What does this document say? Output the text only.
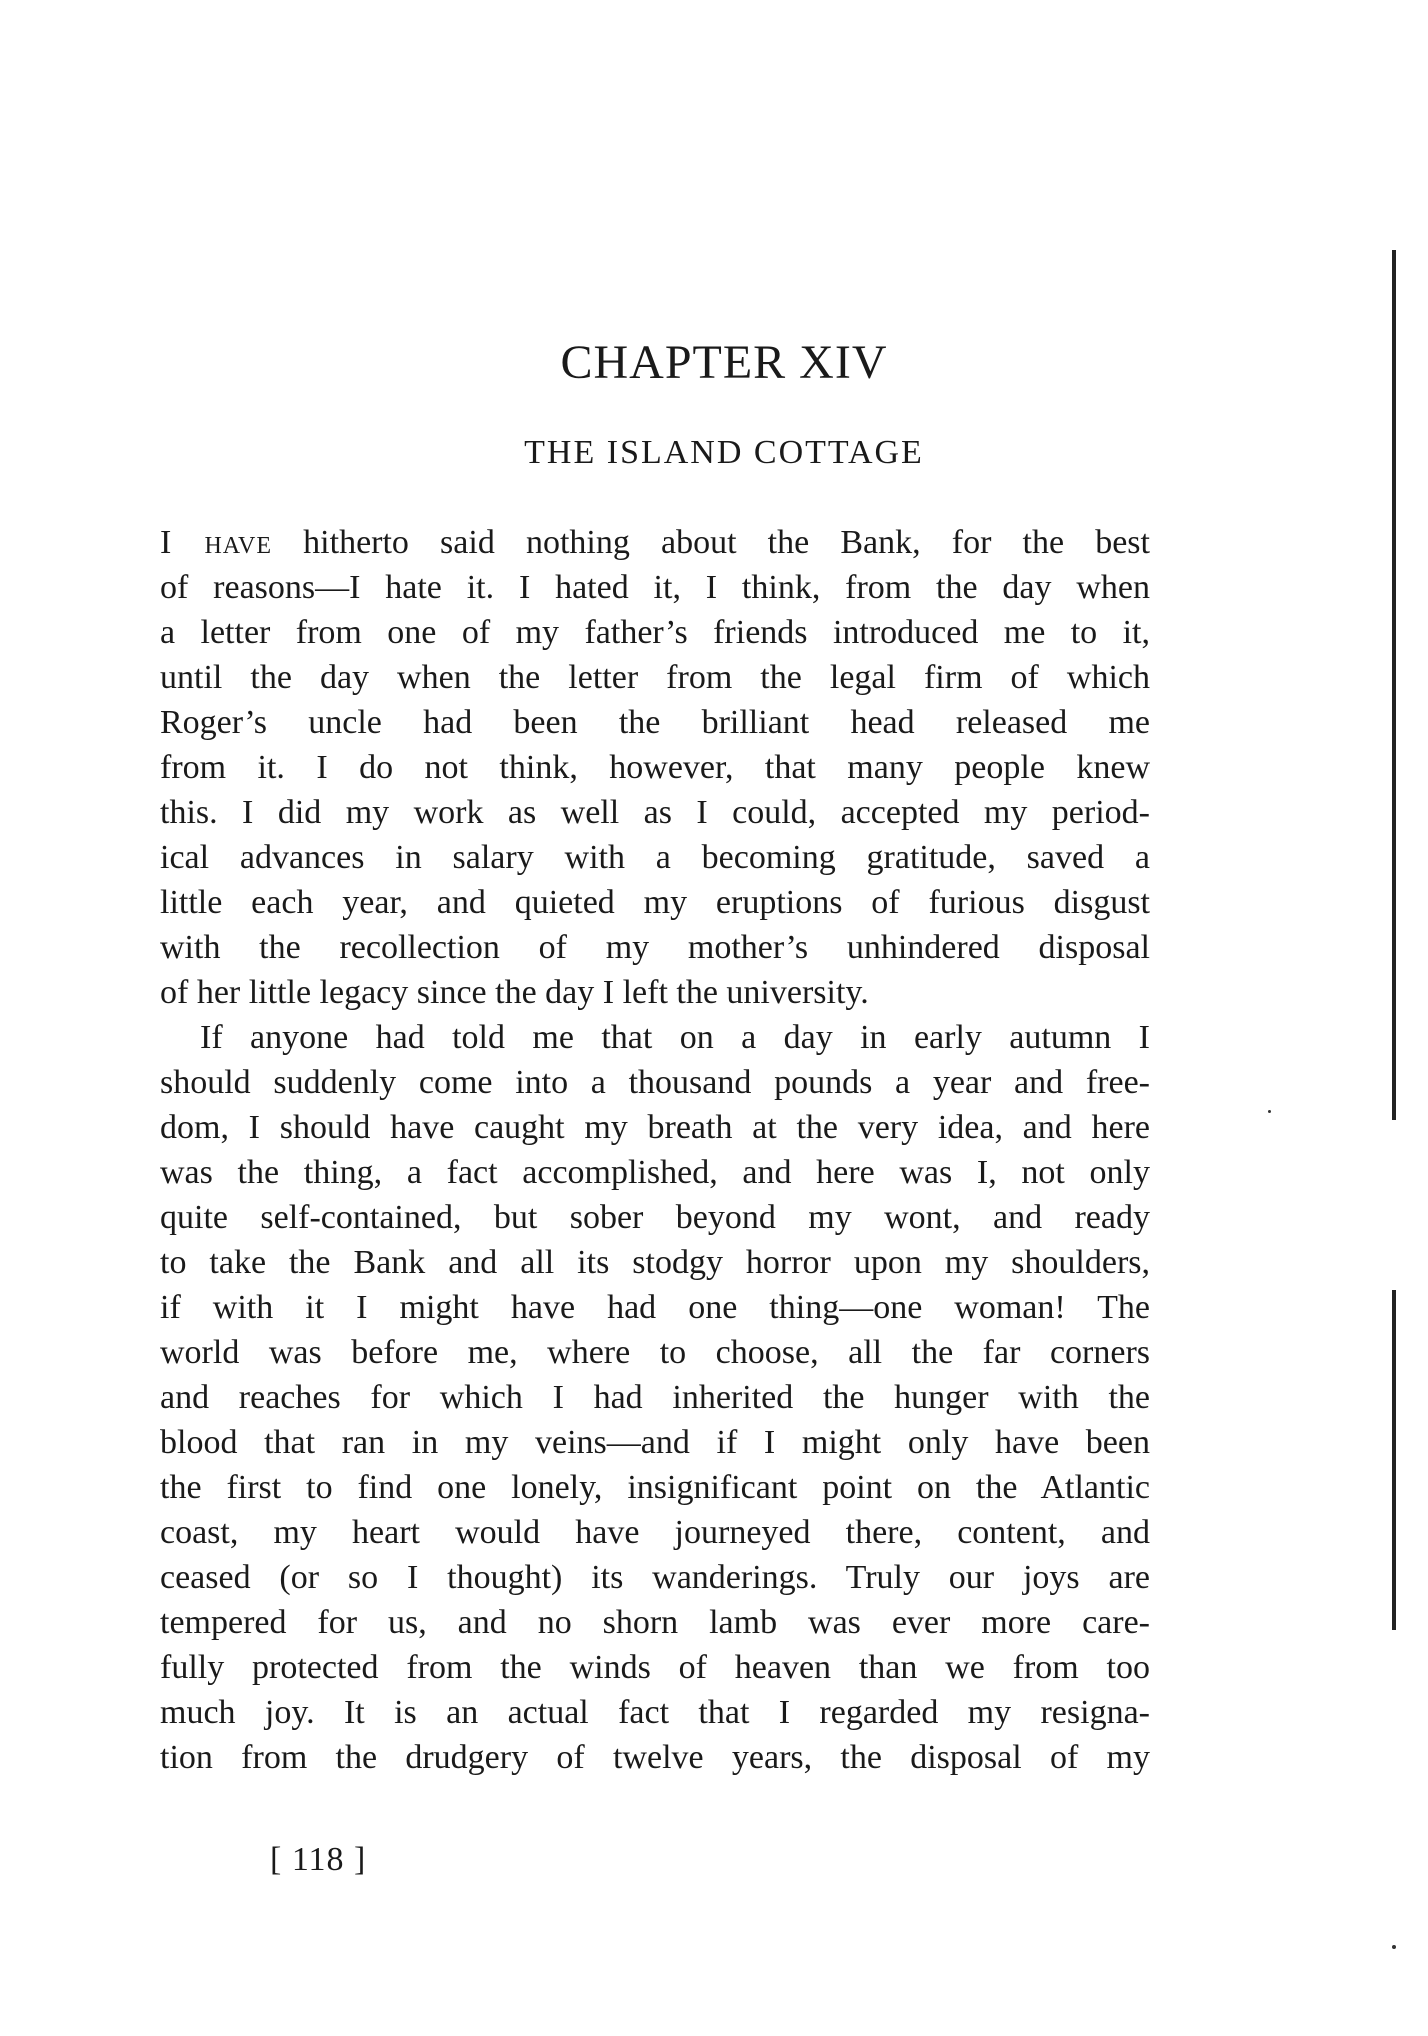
CHAPTER XIV
THE ISLAND COTTAGE
I have hitherto said nothing about the Bank, for the best
of reasons—I hate it. I hated it, I think, from the day when
a letter from one of my father’s friends introduced me to it,
until the day when the letter from the legal firm of which
Roger’s uncle had been the brilliant head released me
from it. I do not think, however, that many people knew
this. I did my work as well as I could, accepted my period-
ical advances in salary with a becoming gratitude, saved a
little each year, and quieted my eruptions of furious disgust
with the recollection of my mother’s unhindered disposal
of her little legacy since the day I left the university.
If anyone had told me that on a day in early autumn I
should suddenly come into a thousand pounds a year and free-
dom, I should have caught my breath at the very idea, and here
was the thing, a fact accomplished, and here was I, not only
quite self-contained, but sober beyond my wont, and ready
to take the Bank and all its stodgy horror upon my shoulders,
if with it I might have had one thing—one woman! The
world was before me, where to choose, all the far corners
and reaches for which I had inherited the hunger with the
blood that ran in my veins—and if I might only have been
the first to find one lonely, insignificant point on the Atlantic
coast, my heart would have journeyed there, content, and
ceased (or so I thought) its wanderings. Truly our joys are
tempered for us, and no shorn lamb was ever more care-
fully protected from the winds of heaven than we from too
much joy. It is an actual fact that I regarded my resigna-
tion from the drudgery of twelve years, the disposal of my
[ 118 ]
